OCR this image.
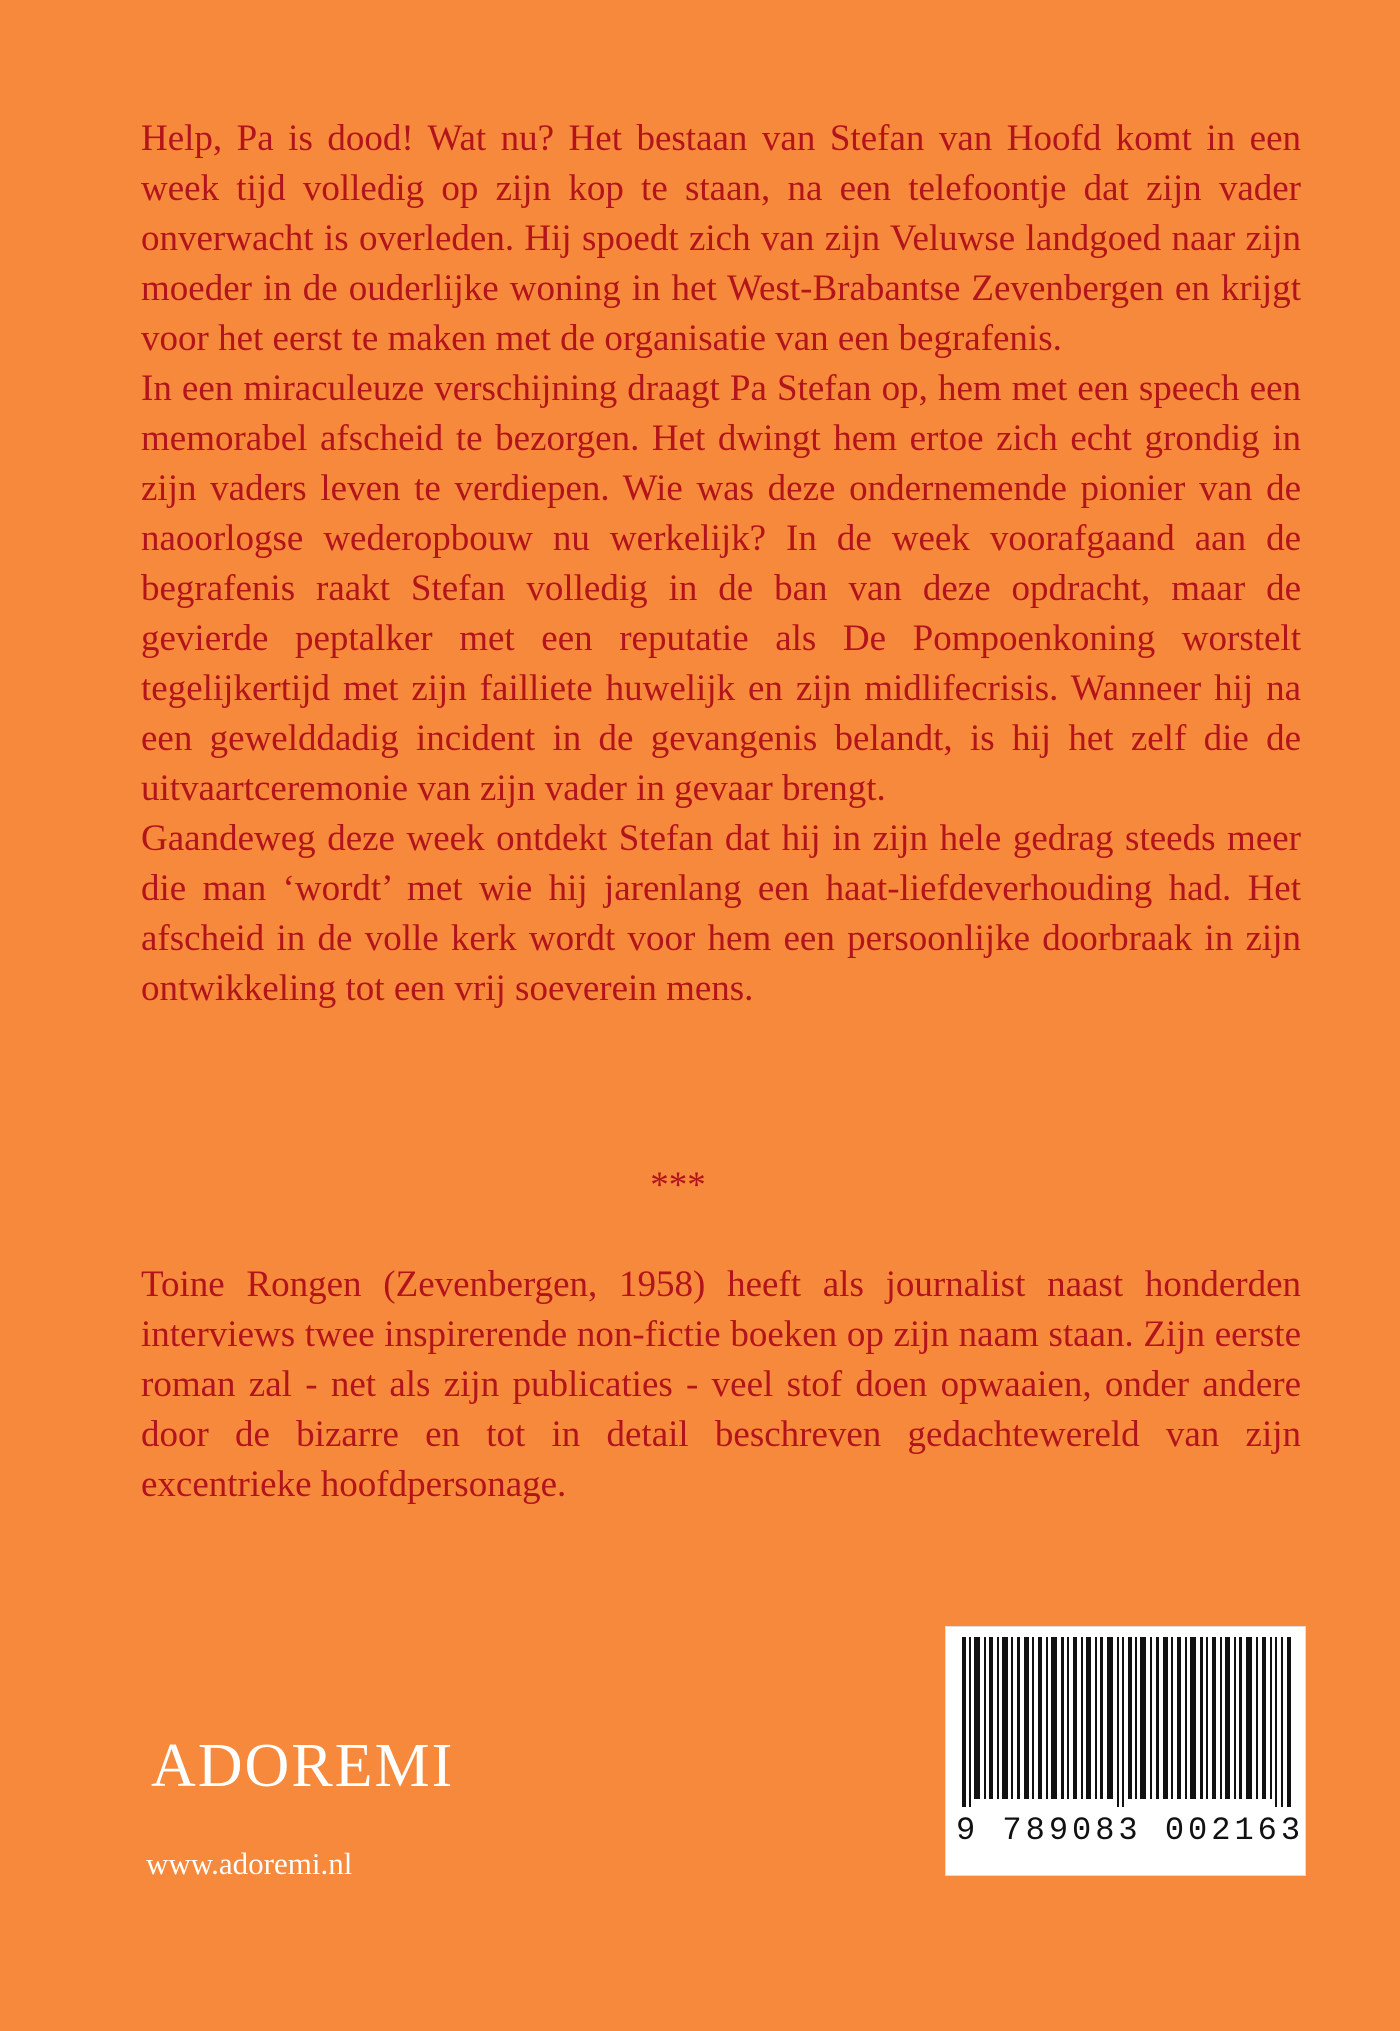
Help, Pa is dood! Wat nu? Het bestaan van Stefan van Hoofd komt in een week tijd volledig op zijn kop te staan, na een telefoontje dat zijn vader onverwacht is overleden. Hij spoedt zich van zijn Veluwse landgoed naar zijn moeder in de ouderlijke woning in het West-Brabantse Zevenbergen en krijgt voor het eerst te maken met de organisatie van een begrafenis.

In een miraculeuze verschijning draagt Pa Stefan op, hem met een speech een memorabel afscheid te bezorgen. Het dwingt hem ertoe zich echt grondig in zijn vaders leven te verdiepen. Wie was deze ondernemende pionier van de naoorlogse wederopbouw nu werkelijk? In de week voorafgaand aan de begrafenis raakt Stefan volledig in de ban van deze opdracht, maar de gevierde peptalker met een reputatie als De Pompoenkoning worstelt tegelijkertijd met zijn failliete huwelijk en zijn midlifecrisis. Wanneer hij na een gewelddadig incident in de gevangenis belandt, is hij het zelf die de uitvaartceremonie van zijn vader in gevaar brengt.

Gaandeweg deze week ontdekt Stefan dat hij in zijn hele gedrag steeds meer die man ‘wordt’ met wie hij jarenlang een haat-liefdeverhouding had. Het afscheid in de volle kerk wordt voor hem een persoonlijke doorbraak in zijn ontwikkeling tot een vrij soeverein mens.

***

Toine Rongen (Zevenbergen, 1958) heeft als journalist naast honderden interviews twee inspirerende non-fictie boeken op zijn naam staan. Zijn eerste roman zal - net als zijn publicaties - veel stof doen opwaaien, onder andere door de bizarre en tot in detail beschreven gedachtewereld van zijn excentrieke hoofdpersonage.

ADOREMI
www.adoremi.nl
9 789083 002163
